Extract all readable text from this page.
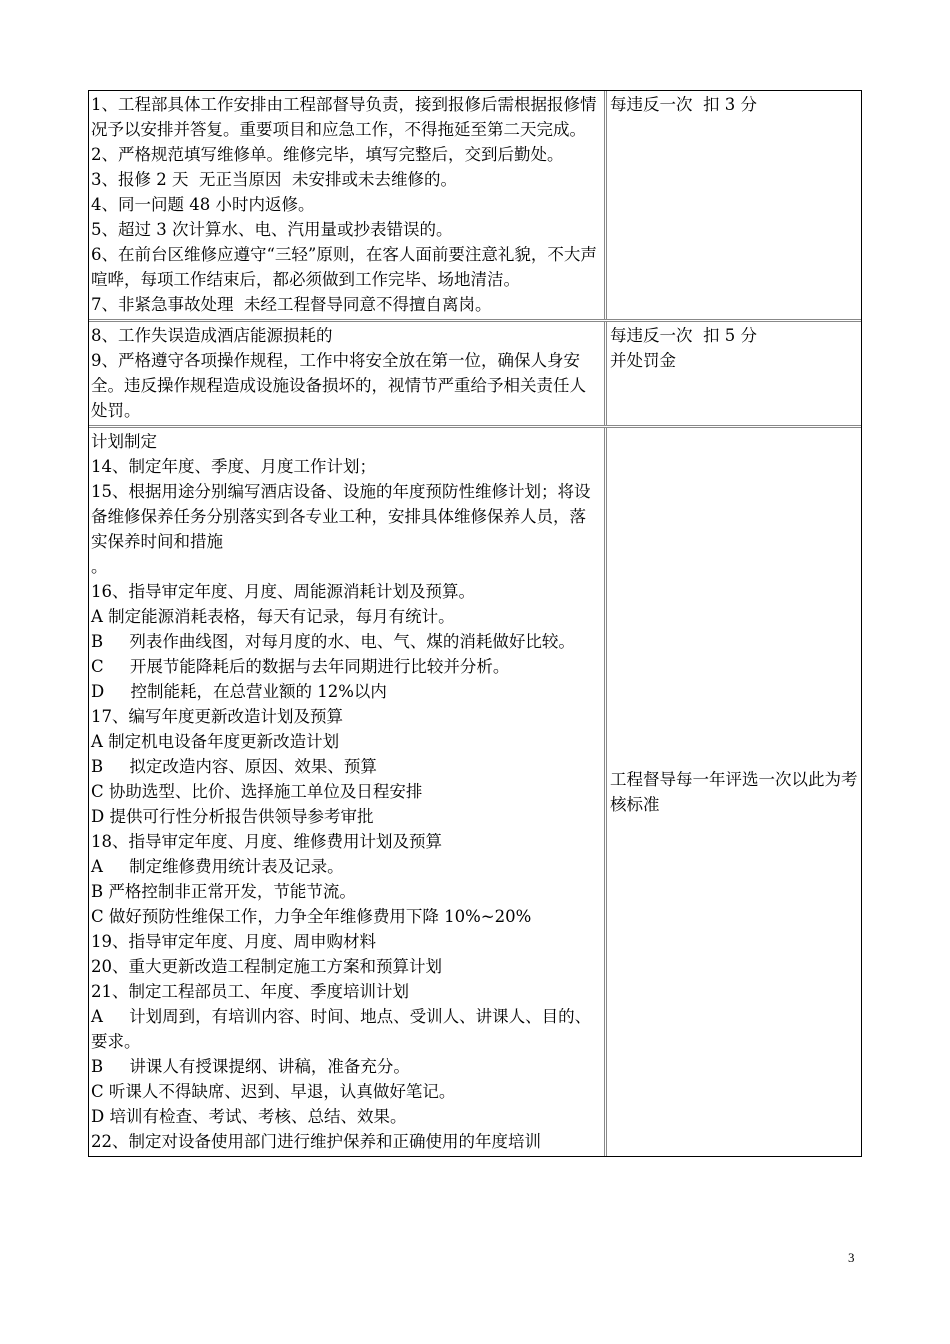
1、工程部具体工作安排由工程部督导负责，接到报修后需根据报修情况予以安排并答复。重要项目和应急工作，不得拖延至第二天完成。
2、严格规范填写维修单。维修完毕，填写完整后，交到后勤处。
3、报修 2 天  无正当原因  未安排或未去维修的。
4、同一问题 48 小时内返修。
5、超过 3 次计算水、电、汽用量或抄表错误的。
6、在前台区维修应遵守“三轻”原则，在客人面前要注意礼貌，不大声喧哗，每项工作结束后，都必须做到工作完毕、场地清洁。
7、非紧急事故处理  未经工程督导同意不得擅自离岗。
每违反一次  扣 3 分
8、工作失误造成酒店能源损耗的
9、严格遵守各项操作规程，工作中将安全放在第一位，确保人身安全。违反操作规程造成设施设备损坏的，视情节严重给予相关责任人处罚。
每违反一次  扣 5 分
并处罚金
计划制定
14、制定年度、季度、月度工作计划；
15、根据用途分别编写酒店设备、设施的年度预防性维修计划；将设备维修保养任务分别落实到各专业工种，安排具体维修保养人员，落实保养时间和措施
。
16、指导审定年度、月度、周能源消耗计划及预算。
A 制定能源消耗表格，每天有记录，每月有统计。
B     列表作曲线图，对每月度的水、电、气、煤的消耗做好比较。
C     开展节能降耗后的数据与去年同期进行比较并分析。
D     控制能耗，在总营业额的 12%以内
17、编写年度更新改造计划及预算
A 制定机电设备年度更新改造计划
B     拟定改造内容、原因、效果、预算
C 协助选型、比价、选择施工单位及日程安排
D 提供可行性分析报告供领导参考审批
18、指导审定年度、月度、维修费用计划及预算
A     制定维修费用统计表及记录。
B 严格控制非正常开发，节能节流。
C 做好预防性维保工作，力争全年维修费用下降 10%~20%
19、指导审定年度、月度、周申购材料
20、重大更新改造工程制定施工方案和预算计划
21、制定工程部员工、年度、季度培训计划
A     计划周到，有培训内容、时间、地点、受训人、讲课人、目的、要求。
B     讲课人有授课提纲、讲稿，准备充分。
C 听课人不得缺席、迟到、早退，认真做好笔记。
D 培训有检查、考试、考核、总结、效果。
22、制定对设备使用部门进行维护保养和正确使用的年度培训
工程督导每一年评选一次以此为考核标准
3
